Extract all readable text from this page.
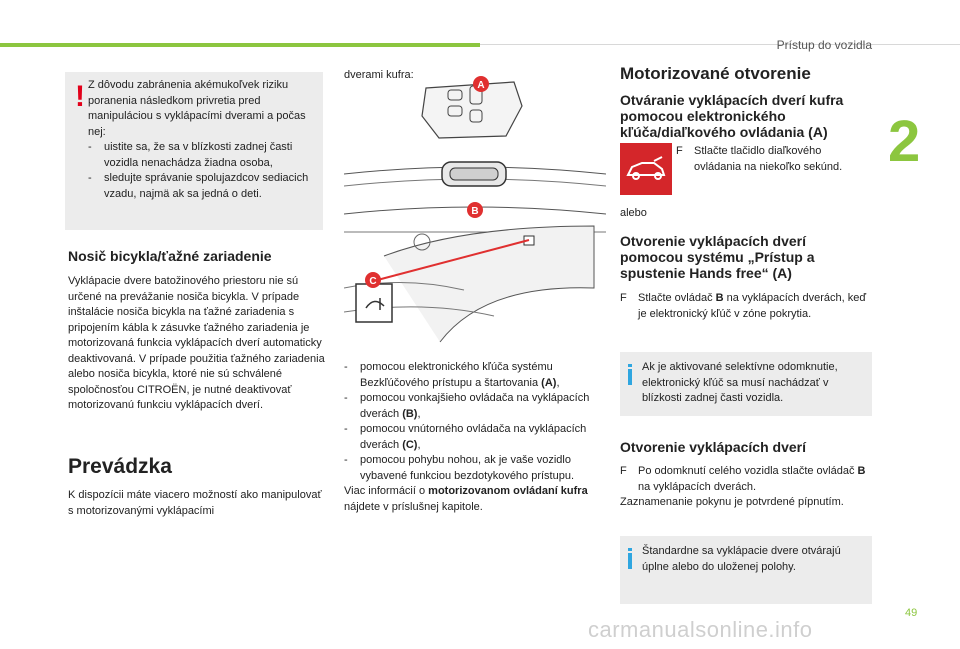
Prístup do vozidla
2
! Z dôvodu zabránenia akémukoľvek riziku poranenia následkom privretia pred manipuláciou s vyklápacími dverami a počas nej:
-	uistite sa, že sa v blízkosti zadnej časti vozidla nenachádza žiadna osoba,
-	sledujte správanie spolujazdcov sediacich vzadu, najmä ak sa jedná o deti.
Nosič bicykla/ťažné zariadenie
Vyklápacie dvere batožinového priestoru nie sú určené na prevážanie nosiča bicykla. V prípade inštalácie nosiča bicykla na ťažné zariadenia s pripojením kábla k zásuvke ťažného zariadenia je motorizovaná funkcia vyklápacích dverí automaticky deaktivovaná. V prípade použitia ťažného zariadenia alebo nosiča bicykla, ktoré nie sú schválené spoločnosťou CITROËN, je nutné deaktivovať motorizovanú funkciu vyklápacích dverí.
Prevádzka
K dispozícii máte viacero možností ako manipulovať s motorizovanými vyklápacími
dverami kufra:
A
B
C
-	pomocou elektronického kľúča systému Bezkľúčového prístupu a štartovania (A),
-	pomocou vonkajšieho ovládača na vyklápacích dverách (B),
-	pomocou vnútorného ovládača na vyklápacích dverách (C),
-	pomocou pohybu nohou, ak je vaše vozidlo vybavené funkciou bezdotykového prístupu.
Viac informácií o motorizovanom ovládaní kufra nájdete v príslušnej kapitole.
Motorizované otvorenie
Otváranie vyklápacích dverí kufra pomocou elektronického kľúča/diaľkového ovládania (A)
F	Stlačte tlačidlo diaľkového ovládania na niekoľko sekúnd.
alebo
Otvorenie vyklápacích dverí pomocou systému „Prístup a spustenie Hands free“ (A)
F	Stlačte ovládač B na vyklápacích dverách, keď je elektronický kľúč v zóne pokrytia.
Ak je aktivované selektívne odomknutie, elektronický kľúč sa musí nachádzať v blízkosti zadnej časti vozidla.
Otvorenie vyklápacích dverí
F	Po odomknutí celého vozidla stlačte ovládač B na vyklápacích dverách.
Zaznamenanie pokynu je potvrdené pípnutím.
Štandardne sa vyklápacie dvere otvárajú úplne alebo do uloženej polohy.
49
carmanualsonline.info
